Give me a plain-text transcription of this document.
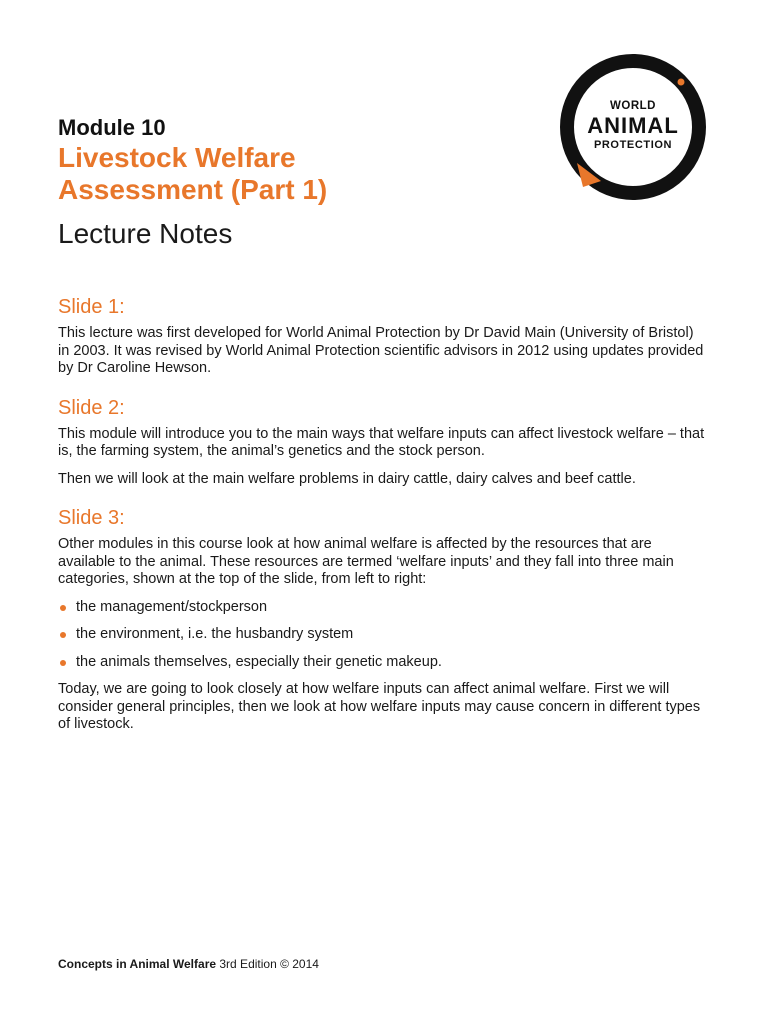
WORLD
ANIMAL
PROTECTION
Module 10
Livestock Welfare
Assessment (Part 1)
Lecture Notes
Slide 1:

This lecture was first developed for World Animal Protection by Dr David Main (University of Bristol) in 2003. It was revised by World Animal Protection scientific advisors in 2012 using updates provided by Dr Caroline Hewson.

Slide 2:

This module will introduce you to the main ways that welfare inputs can affect livestock welfare – that is, the farming system, the animal’s genetics and the stock person.

Then we will look at the main welfare problems in dairy cattle, dairy calves and beef cattle.

Slide 3:

Other modules in this course look at how animal welfare is affected by the resources that are available to the animal. These resources are termed ‘welfare inputs’ and they fall into three main categories, shown at the top of the slide, from left to right:

the management/stockperson
the environment, i.e. the husbandry system
the animals themselves, especially their genetic makeup.

Today, we are going to look closely at how welfare inputs can affect animal welfare. First we will consider general principles, then we look at how welfare inputs may cause concern in different types of livestock.

Concepts in Animal Welfare 3rd Edition © 2014
